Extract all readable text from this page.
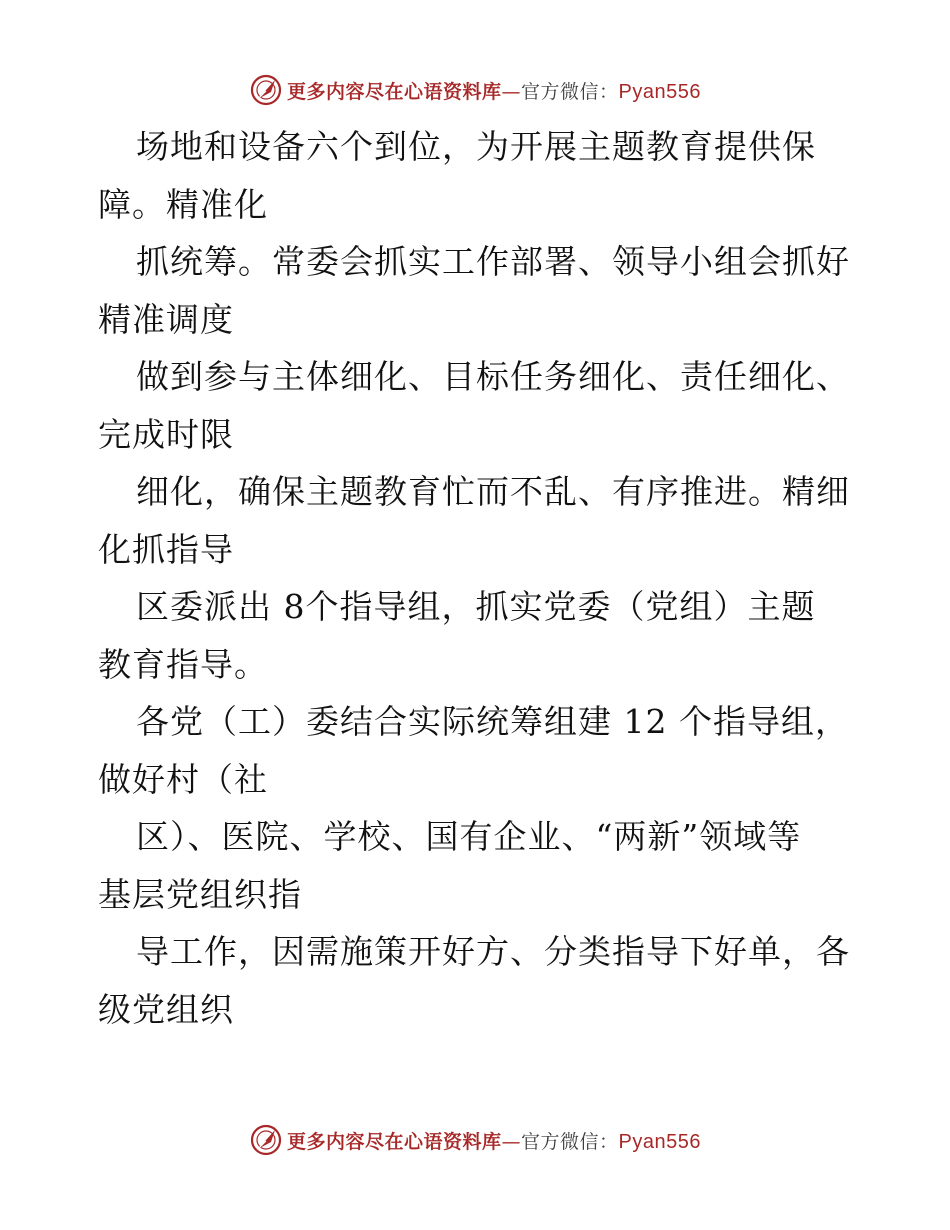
更多内容尽在心语资料库 — 官方微信： Pyan556
场地和设备六个到位，为开展主题教育提供保
障。精准化
抓统筹。常委会抓实工作部署、领导小组会抓好
精准调度
做到参与主体细化、目标任务细化、责任细化、
完成时限
细化，确保主题教育忙而不乱、有序推进。精细
化抓指导
区委派出 8个指导组，抓实党委（党组）主题
教育指导。
各党（工）委结合实际统筹组建 12 个指导组，
做好村（社
区）、医院、学校、国有企业、“两新”领域等
基层党组织指
导工作，因需施策开好方、分类指导下好单，各
级党组织
更多内容尽在心语资料库 — 官方微信： Pyan556
